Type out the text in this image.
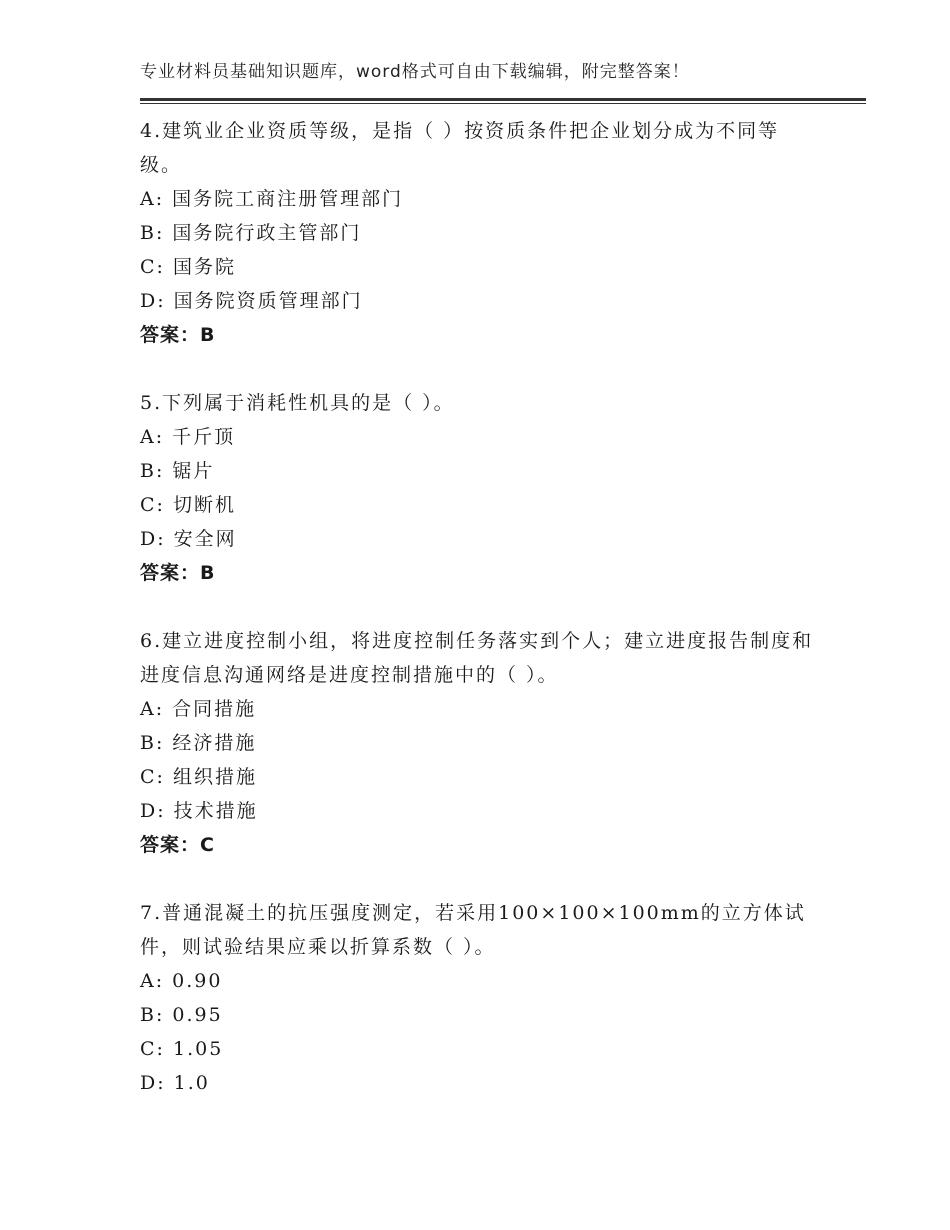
专业材料员基础知识题库，word格式可自由下载编辑，附完整答案！

4.建筑业企业资质等级，是指（ ）按资质条件把企业划分成为不同等级。

A: 国务院工商注册管理部门

B: 国务院行政主管部门

C: 国务院

D: 国务院资质管理部门

答案：B

5.下列属于消耗性机具的是（ ）。

A: 千斤顶

B: 锯片

C: 切断机

D: 安全网

答案：B

6.建立进度控制小组，将进度控制任务落实到个人；建立进度报告制度和进度信息沟通网络是进度控制措施中的（ ）。

A: 合同措施

B: 经济措施

C: 组织措施

D: 技术措施

答案：C

7.普通混凝土的抗压强度测定，若采用100×100×100mm的立方体试件，则试验结果应乘以折算系数（ ）。

A: 0.90

B: 0.95

C: 1.05

D: 1.0
